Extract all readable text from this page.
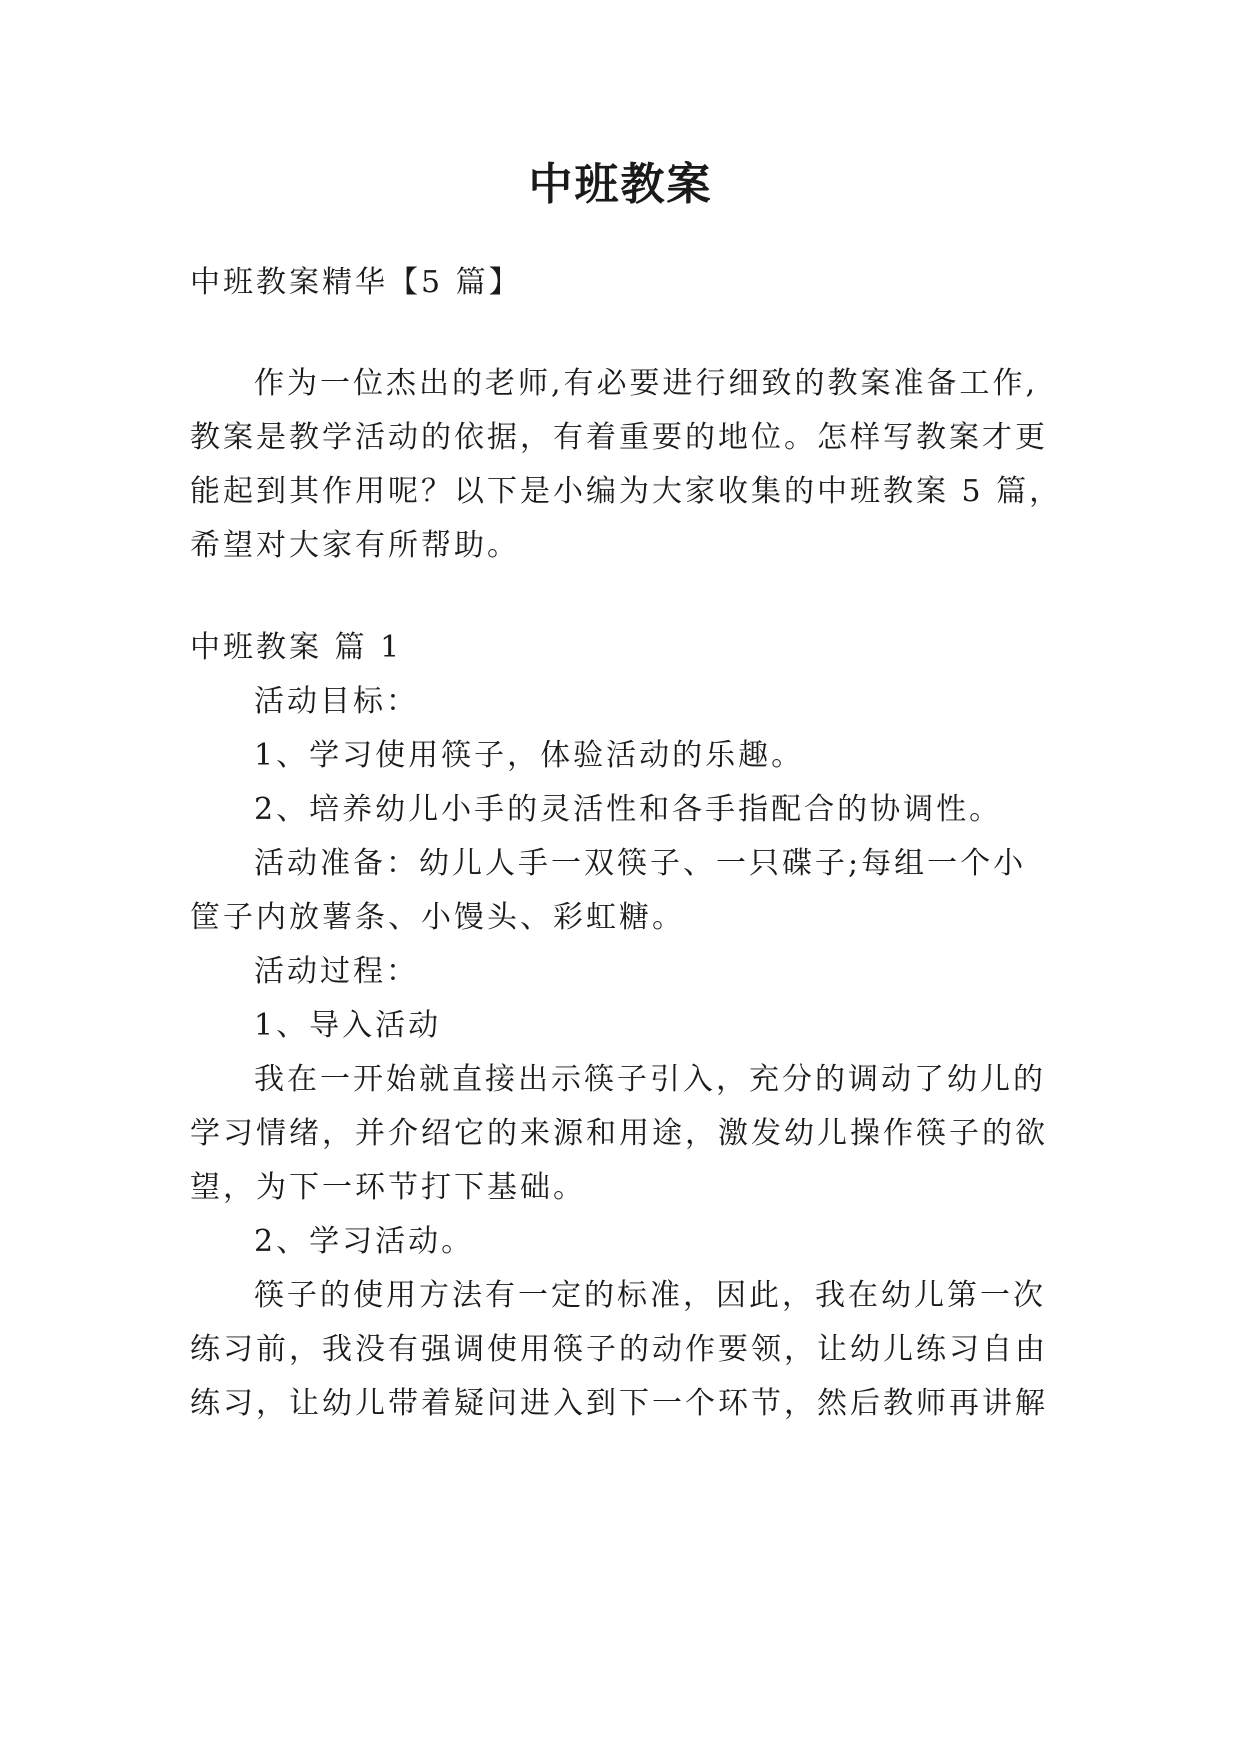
中班教案
中班教案精华【5 篇】
作为一位杰出的老师,有必要进行细致的教案准备工作,
教案是教学活动的依据，有着重要的地位。怎样写教案才更
能起到其作用呢？以下是小编为大家收集的中班教案 5 篇，
希望对大家有所帮助。
中班教案 篇 1
活动目标：
1、学习使用筷子，体验活动的乐趣。
2、培养幼儿小手的灵活性和各手指配合的协调性。
活动准备：幼儿人手一双筷子、一只碟子;每组一个小
筐子内放薯条、小馒头、彩虹糖。
活动过程：
1、导入活动
我在一开始就直接出示筷子引入，充分的调动了幼儿的
学习情绪，并介绍它的来源和用途，激发幼儿操作筷子的欲
望，为下一环节打下基础。
2、学习活动。
筷子的使用方法有一定的标准，因此，我在幼儿第一次
练习前，我没有强调使用筷子的动作要领，让幼儿练习自由
练习，让幼儿带着疑问进入到下一个环节，然后教师再讲解
